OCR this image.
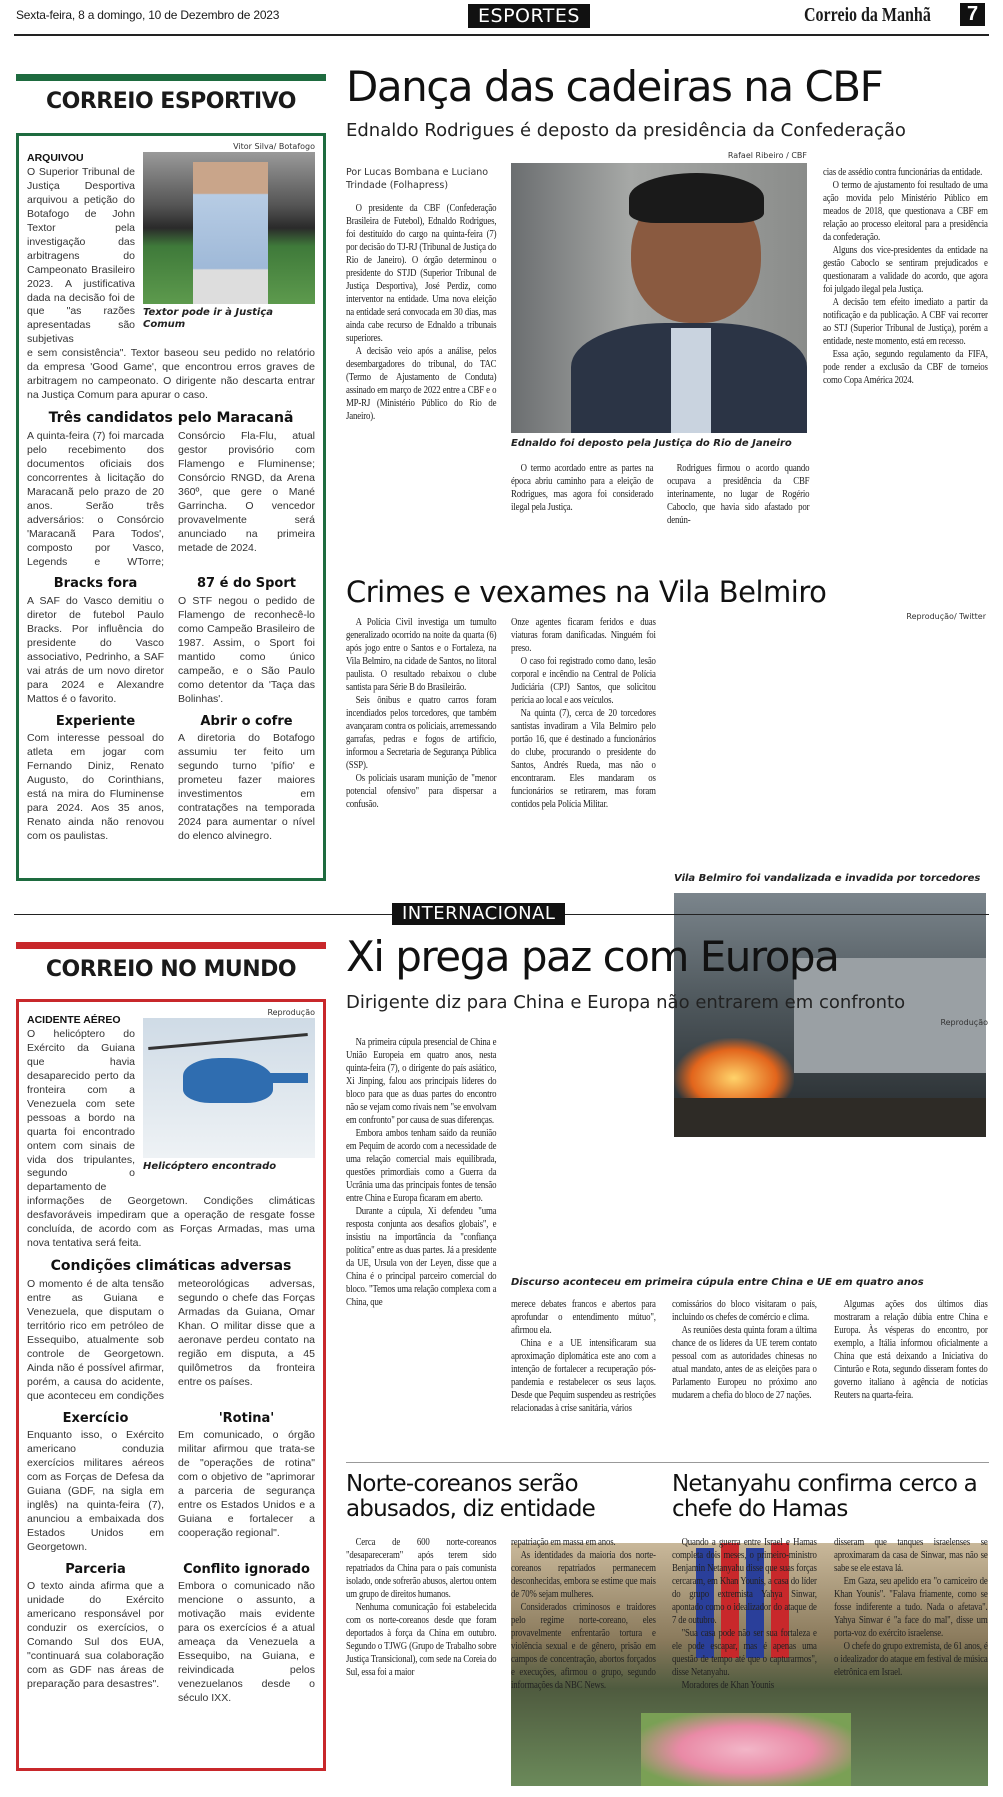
Sexta-feira, 8 a domingo, 10 de Dezembro de 2023	ESPORTES	Correio da Manhã	7
CORREIO ESPORTIVO
Vitor Silva/ Botafogo
Textor pode ir à Justiça Comum

ARQUIVOU
O Superior Tribunal de Justiça Desportiva arquivou a petição do Botafogo de John Textor pela investigação das arbitragens do Campeonato Brasileiro 2023. A justificativa dada na decisão foi de que "as razões apresentadas são subjetivas

e sem consistência". Textor baseou seu pedido no relatório da empresa 'Good Game', que encontrou erros graves de arbitragem no campeonato. O dirigente não descarta entrar na Justiça Comum para apurar o caso.

Três candidatos pelo Maracanã
A quinta-feira (7) foi marcada pelo recebimento dos documentos oficiais dos concorrentes à licitação do Maracanã pelo prazo de 20 anos. Serão três adversários: o Consórcio 'Maracanã Para Todos', composto por Vasco, Legends e WTorre; Consórcio Fla-Flu, atual gestor provisório com Flamengo e Fluminense; Consórcio RNGD, da Arena 360º, que gere o Mané Garrincha. O vencedor provavelmente será anunciado na primeira metade de 2024.
Bracks fora

A SAF do Vasco demitiu o diretor de futebol Paulo Bracks. Por influência do presidente do Vasco associativo, Pedrinho, a SAF vai atrás de um novo diretor para 2024 e Alexandre Mattos é o favorito.

87 é do Sport

O STF negou o pedido de Flamengo de reconhecê-lo como Campeão Brasileiro de 1987. Assim, o Sport foi mantido como único campeão, e o São Paulo como detentor da 'Taça das Bolinhas'.

Experiente

Com interesse pessoal do atleta em jogar com Fernando Diniz, Renato Augusto, do Corinthians, está na mira do Fluminense para 2024. Aos 35 anos, Renato ainda não renovou com os paulistas.

Abrir o cofre

A diretoria do Botafogo assumiu ter feito um segundo turno 'pífio' e prometeu fazer maiores investimentos em contratações na temporada 2024 para aumentar o nível do elenco alvinegro.

Dança das cadeiras na CBF
Ednaldo Rodrigues é deposto da presidência da Confederação
Por Lucas Bombana e Luciano Trindade (Folhapress)

O presidente da CBF (Confederação Brasileira de Futebol), Ednaldo Rodrigues, foi destituído do cargo na quinta-feira (7) por decisão do TJ-RJ (Tribunal de Justiça do Rio de Janeiro). O órgão determinou o presidente do STJD (Superior Tribunal de Justiça Desportiva), José Perdiz, como interventor na entidade. Uma nova eleição na entidade será convocada em 30 dias, mas ainda cabe recurso de Ednaldo a tribunais superiores.

A decisão veio após a análise, pelos desembargadores do tribunal, do TAC (Termo de Ajustamento de Conduta) assinado em março de 2022 entre a CBF e o MP-RJ (Ministério Público do Rio de Janeiro).

Rafael Ribeiro / CBF
Ednaldo foi deposto pela Justiça do Rio de Janeiro

O termo acordado entre as partes na época abriu caminho para a eleição de Rodrigues, mas agora foi considerado ilegal pela Justiça.

Rodrigues firmou o acordo quando ocupava a presidência da CBF interinamente, no lugar de Rogério Caboclo, que havia sido afastado por denún-

cias de assédio contra funcionárias da entidade.

O termo de ajustamento foi resultado de uma ação movida pelo Ministério Público em meados de 2018, que questionava a CBF em relação ao processo eleitoral para a presidência da confederação.

Alguns dos vice-presidentes da entidade na gestão Caboclo se sentiram prejudicados e questionaram a validade do acordo, que agora foi julgado ilegal pela Justiça.

A decisão tem efeito imediato a partir da notificação e da publicação. A CBF vai recorrer ao STJ (Superior Tribunal de Justiça), porém a entidade, neste momento, está em recesso.

Essa ação, segundo regulamento da FIFA, pode render a exclusão da CBF de torneios como Copa América 2024.

Crimes e vexames na Vila Belmiro

A Polícia Civil investiga um tumulto generalizado ocorrido na noite da quarta (6) após jogo entre o Santos e o Fortaleza, na Vila Belmiro, na cidade de Santos, no litoral paulista. O resultado rebaixou o clube santista para Série B do Brasileirão.

Seis ônibus e quatro carros foram incendiados pelos torcedores, que também avançaram contra os policiais, arremessando garrafas, pedras e fogos de artifício, informou a Secretaria de Segurança Pública (SSP).

Os policiais usaram munição de "menor potencial ofensivo" para dispersar a confusão.

Onze agentes ficaram feridos e duas viaturas foram danificadas. Ninguém foi preso.

O caso foi registrado como dano, lesão corporal e incêndio na Central de Polícia Judiciária (CPJ) Santos, que solicitou perícia ao local e aos veículos.

Na quinta (7), cerca de 20 torcedores santistas invadiram a Vila Belmiro pelo portão 16, que é destinado a funcionários do clube, procurando o presidente do Santos, Andrés Rueda, mas não o encontraram. Eles mandaram os funcionários se retirarem, mas foram contidos pela Polícia Militar.

Reprodução/ Twitter
Vila Belmiro foi vandalizada e invadida por torcedores
INTERNACIONAL
CORREIO NO MUNDO
Reprodução
Helicóptero encontrado

ACIDENTE AÉREO
O helicóptero do Exército da Guiana que havia desaparecido perto da fronteira com a Venezuela com sete pessoas a bordo na quarta foi encontrado ontem com sinais de vida dos tripulantes, segundo o departamento de

informações de Georgetown. Condições climáticas desfavoráveis impediram que a operação de resgate fosse concluída, de acordo com as Forças Armadas, mas uma nova tentativa será feita.

Condições climáticas adversas
O momento é de alta tensão entre as Guiana e Venezuela, que disputam o território rico em petróleo de Essequibo, atualmente sob controle de Georgetown. Ainda não é possível afirmar, porém, a causa do acidente, que aconteceu em condições meteorológicas adversas, segundo o chefe das Forças Armadas da Guiana, Omar Khan. O militar disse que a aeronave perdeu contato na região em disputa, a 45 quilômetros da fronteira entre os países.
Exercício

Enquanto isso, o Exército americano conduzia exercícios militares aéreos com as Forças de Defesa da Guiana (GDF, na sigla em inglês) na quinta-feira (7), anunciou a embaixada dos Estados Unidos em Georgetown.

'Rotina'

Em comunicado, o órgão militar afirmou que trata-se de "operações de rotina" com o objetivo de "aprimorar a parceria de segurança entre os Estados Unidos e a Guiana e fortalecer a cooperação regional".

Parceria

O texto ainda afirma que a unidade do Exército americano responsável por conduzir os exercícios, o Comando Sul dos EUA, "continuará sua colaboração com as GDF nas áreas de preparação para desastres".

Conflito ignorado

Embora o comunicado não mencione o assunto, a motivação mais evidente para os exercícios é a atual ameaça da Venezuela a Essequibo, na Guiana, e reivindicada pelos venezuelanos desde o século IXX.

Xi prega paz com Europa
Dirigente diz para China e Europa não entrarem em confronto

Na primeira cúpula presencial de China e União Europeia em quatro anos, nesta quinta-feira (7), o dirigente do país asiático, Xi Jinping, falou aos principais líderes do bloco para que as duas partes do encontro não se vejam como rivais nem "se envolvam em confronto" por causa de suas diferenças.

Embora ambos tenham saído da reunião em Pequim de acordo com a necessidade de uma relação comercial mais equilibrada, questões primordiais como a Guerra da Ucrânia uma das principais fontes de tensão entre China e Europa ficaram em aberto.

Durante a cúpula, Xi defendeu "uma resposta conjunta aos desafios globais", e insistiu na importância da "confiança política" entre as duas partes. Já a presidente da UE, Ursula von der Leyen, disse que a China é o principal parceiro comercial do bloco. "Temos uma relação complexa com a China, que

Reprodução
Discurso aconteceu em primeira cúpula entre China e UE em quatro anos

merece debates francos e abertos para aprofundar o entendimento mútuo", afirmou ela.

China e a UE intensificaram sua aproximação diplomática este ano com a intenção de fortalecer a recuperação pós-pandemia e restabelecer os seus laços. Desde que Pequim suspendeu as restrições relacionadas à crise sanitária, vários

comissários do bloco visitaram o país, incluindo os chefes de comércio e clima.

As reuniões desta quinta foram a última chance de os líderes da UE terem contato pessoal com as autoridades chinesas no atual mandato, antes de as eleições para o Parlamento Europeu no próximo ano mudarem a chefia do bloco de 27 nações.

Algumas ações dos últimos dias mostraram a relação dúbia entre China e Europa. Às vésperas do encontro, por exemplo, a Itália informou oficialmente a China que está deixando a Iniciativa do Cinturão e Rota, segundo disseram fontes do governo italiano à agência de notícias Reuters na quarta-feira.

Norte-coreanos serão abusados, diz entidade

Cerca de 600 norte-coreanos "desapareceram" após terem sido repatriados da China para o país comunista isolado, onde sofrerão abusos, alertou ontem um grupo de direitos humanos.

Nenhuma comunicação foi estabelecida com os norte-coreanos desde que foram deportados à força da China em outubro. Segundo o TJWG (Grupo de Trabalho sobre Justiça Transicional), com sede na Coreia do Sul, essa foi a maior

repatriação em massa em anos.

As identidades da maioria dos norte-coreanos repatriados permanecem desconhecidas, embora se estime que mais de 70% sejam mulheres.

Considerados criminosos e traidores pelo regime norte-coreano, eles provavelmente enfrentarão tortura e violência sexual e de gênero, prisão em campos de concentração, abortos forçados e execuções, afirmou o grupo, segundo informações da NBC News.

Netanyahu confirma cerco a chefe do Hamas

Quando a guerra entre Israel e Hamas completa dois meses, o primeiro-ministro Benjamin Netanyahu disse que suas forças cercaram, em Khan Younis, a casa do líder do grupo extremista Yahya Sinwar, apontado como o idealizador do ataque de 7 de outubro.

"Sua casa pode não ser sua fortaleza e ele pode escapar, mas é apenas uma questão de tempo até que o capturarmos", disse Netanyahu.

Moradores de Khan Younis

disseram que tanques israelenses se aproximaram da casa de Sinwar, mas não se sabe se ele estava lá.

Em Gaza, seu apelido era "o carniceiro de Khan Younis". "Falava friamente, como se fosse indiferente a tudo. Nada o afetava". Yahya Sinwar é "a face do mal", disse um porta-voz do exército israelense.

O chefe do grupo extremista, de 61 anos, é o idealizador do ataque em festival de música eletrônica em Israel.
